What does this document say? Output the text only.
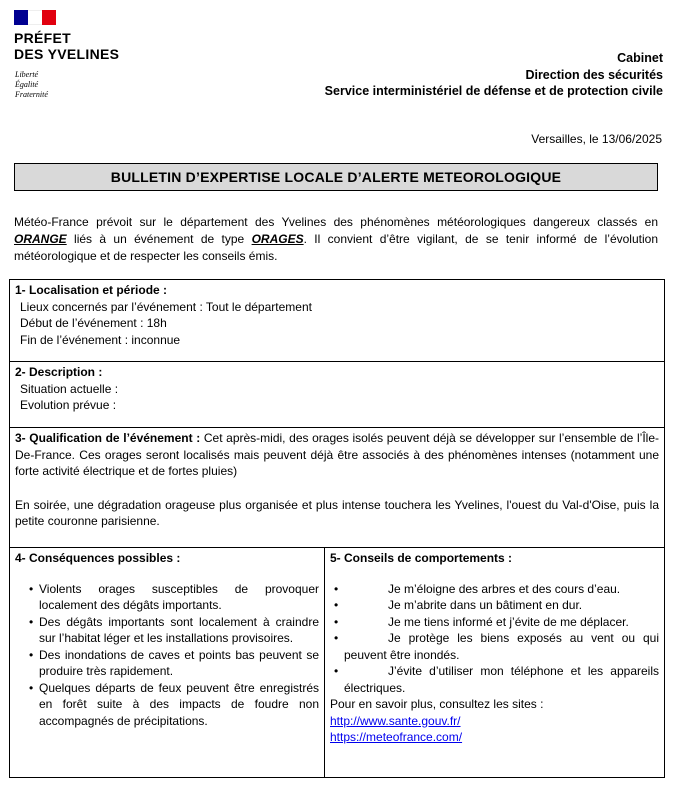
PRÉFET
DES YVELINES
Liberté
Égalité
Fraternité
Cabinet
Direction des sécurités
Service interministériel de défense et de protection civile
Versailles, le 13/06/2025
BULLETIN D’EXPERTISE LOCALE D’ALERTE METEOROLOGIQUE
Météo-France prévoit sur le département des Yvelines des phénomènes météorologiques dangereux classés en ORANGE liés à un événement de type ORAGES. Il convient d’être vigilant, de se tenir informé de l’évolution météorologique et de respecter les conseils émis.
1- Localisation et période :
Lieux concernés par l’événement : Tout le département
Début de l’événement : 18h
Fin de l’événement : inconnue

2- Description :
Situation actuelle :
Evolution prévue :

3- Qualification de l’événement : Cet après-midi, des orages isolés peuvent déjà se développer sur l’ensemble de l’Île-De-France. Ces orages seront localisés mais peuvent déjà être associés à des phénomènes intenses (notamment une forte activité électrique et de fortes pluies)
En soirée, une dégradation orageuse plus organisée et plus intense touchera les Yvelines, l'ouest du Val-d'Oise, puis la petite couronne parisienne.

4- Conséquences possibles :
• Violents orages susceptibles de provoquer localement des dégâts importants.
• Des dégâts importants sont localement à craindre sur l’habitat léger et les installations provisoires.
• Des inondations de caves et points bas peuvent se produire très rapidement.
• Quelques départs de feux peuvent être enregistrés en forêt suite à des impacts de foudre non accompagnés de précipitations.

5- Conseils de comportements :
• Je m’éloigne des arbres et des cours d’eau.
• Je m’abrite dans un bâtiment en dur.
• Je me tiens informé et j’évite de me déplacer.
• Je protège les biens exposés au vent ou qui peuvent être inondés.
• J’évite d’utiliser mon téléphone et les appareils électriques.
Pour en savoir plus, consultez les sites :
http://www.sante.gouv.fr/
https://meteofrance.com/
